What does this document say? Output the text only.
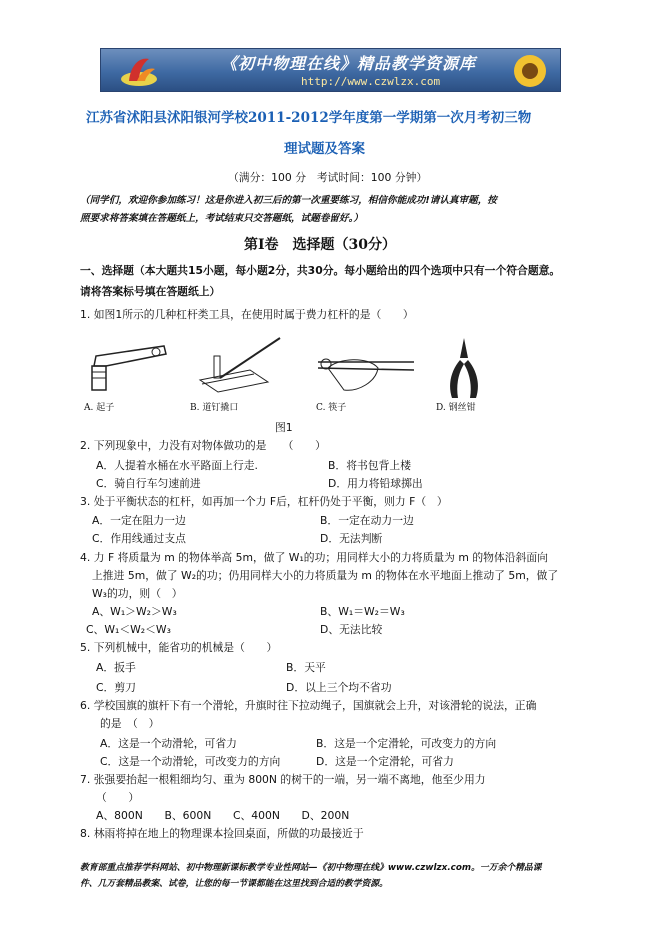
《初中物理在线》精品教学资源库
http://www.czwlzx.com
江苏省沭阳县沭阳银河学校2011-2012学年度第一学期第一次月考初三物
理试题及答案
（满分：100 分　考试时间：100 分钟）
（同学们，欢迎你参加练习！这是你进入初三后的第一次重要练习，相信你能成功!请认真审题，按
照要求将答案填在答题纸上，考试结束只交答题纸，试题卷留好。）
第Ⅰ卷　选择题（30分）
一、选择题（本大题共15小题，每小题2分，共30分。每小题给出的四个选项中只有一个符合题意。
请将答案标号填在答题纸上）
1. 如图1所示的几种杠杆类工具，在使用时属于费力杠杆的是（　　）
A. 起子	B. 道钉撬口	C. 筷子	D. 钢丝钳
图1
2. 下列现象中，力没有对物体做功的是　　（　　）
A．人提着水桶在水平路面上行走.	B．将书包背上楼
C．骑自行车匀速前进	D．用力将铅球掷出
3. 处于平衡状态的杠杆，如再加一个力 F后，杠杆仍处于平衡，则力 F（　）
A．一定在阻力一边	B．一定在动力一边
C．作用线通过支点	D．无法判断
4. 力 F 将质量为 m 的物体举高 5m，做了 W₁的功；用同样大小的力将质量为 m 的物体沿斜面向
上推进 5m，做了 W₂的功；仍用同样大小的力将质量为 m 的物体在水平地面上推动了 5m，做了
W₃的功，则（　）
A、W₁＞W₂＞W₃	B、W₁＝W₂＝W₃
C、W₁＜W₂＜W₃	D、无法比较
5. 下列机械中，能省功的机械是（　　）
A．扳手	B．天平
C．剪刀	D．以上三个均不省功
6. 学校国旗的旗杆下有一个滑轮，升旗时往下拉动绳子，国旗就会上升，对该滑轮的说法，正确
的是　（　）
A．这是一个动滑轮，可省力	B．这是一个定滑轮，可改变力的方向
C．这是一个动滑轮，可改变力的方向	D．这是一个定滑轮，可省力
7. 张强要抬起一根粗细均匀、重为 800N 的树干的一端，另一端不离地，他至少用力
（　　）
A、800N　　B、600N　　C、400N　　D、200N
8. 林雨将掉在地上的物理课本捡回桌面，所做的功最接近于
教育部重点推荐学科网站、初中物理新课标教学专业性网站—《初中物理在线》www.czwlzx.com。一万余个精品课
件、几万套精品教案、试卷，让您的每一节课都能在这里找到合适的教学资源。
